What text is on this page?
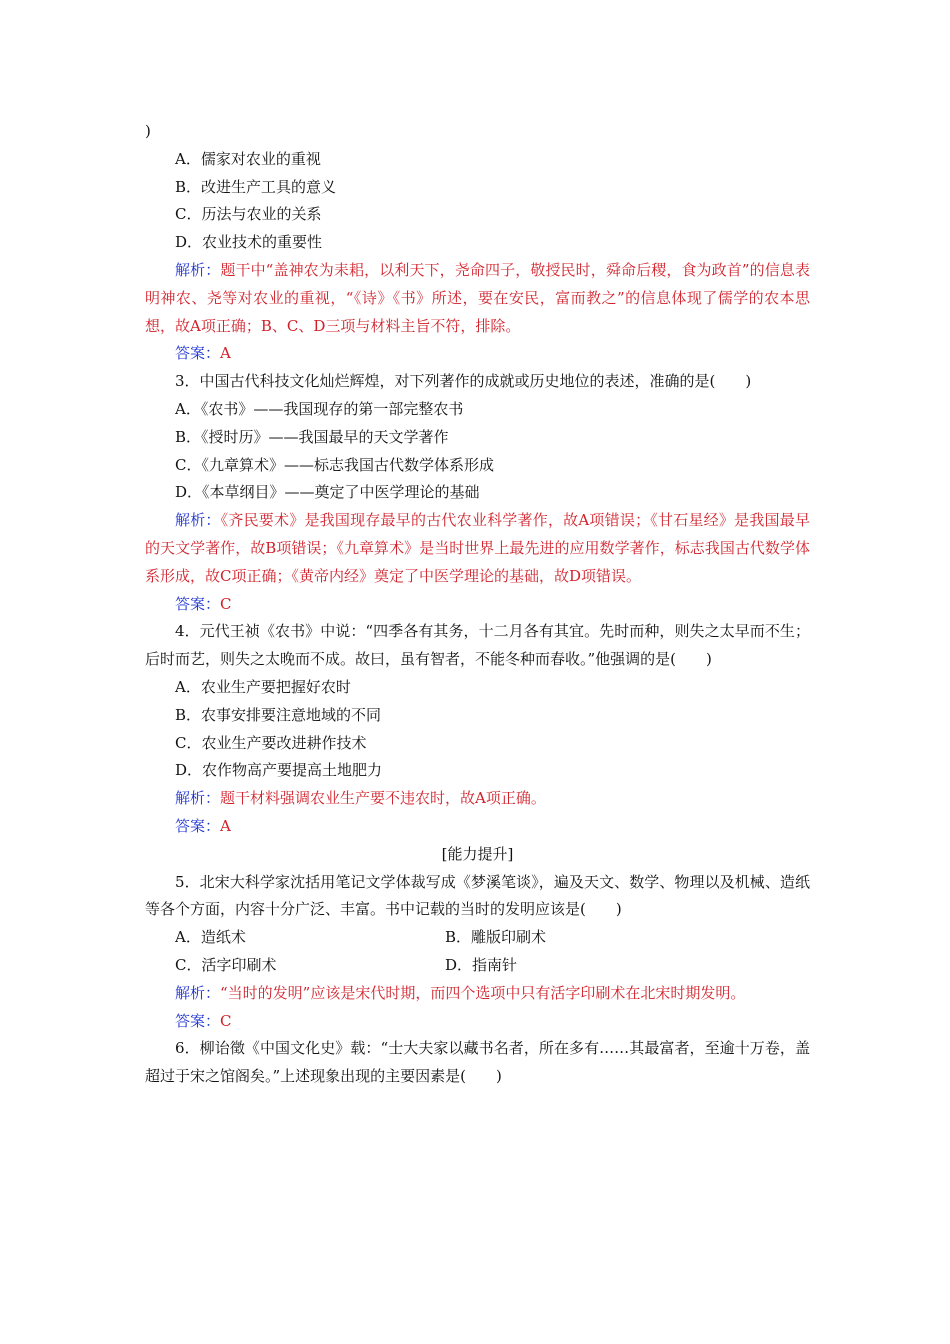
)
A．儒家对农业的重视
B．改进生产工具的意义
C．历法与农业的关系
D．农业技术的重要性
解析：题干中“盖神农为耒耜，以利天下，尧命四子，敬授民时，舜命后稷，食为政首”的信息表明神农、尧等对农业的重视，“《诗》《书》所述，要在安民，富而教之”的信息体现了儒学的农本思想，故A项正确；B、C、D三项与材料主旨不符，排除。
答案：A
3．中国古代科技文化灿烂辉煌，对下列著作的成就或历史地位的表述，准确的是(　　)
A．《农书》——我国现存的第一部完整农书
B．《授时历》——我国最早的天文学著作
C．《九章算术》——标志我国古代数学体系形成
D．《本草纲目》——奠定了中医学理论的基础
解析：《齐民要术》是我国现存最早的古代农业科学著作，故A项错误；《甘石星经》是我国最早的天文学著作，故B项错误；《九章算术》是当时世界上最先进的应用数学著作，标志我国古代数学体系形成，故C项正确；《黄帝内经》奠定了中医学理论的基础，故D项错误。
答案：C
4．元代王祯《农书》中说：“四季各有其务，十二月各有其宜。先时而种，则失之太早而不生；后时而艺，则失之太晚而不成。故曰，虽有智者，不能冬种而春收。”他强调的是(　　)
A．农业生产要把握好农时
B．农事安排要注意地域的不同
C．农业生产要改进耕作技术
D．农作物高产要提高土地肥力
解析：题干材料强调农业生产要不违农时，故A项正确。
答案：A
[能力提升]
5．北宋大科学家沈括用笔记文学体裁写成《梦溪笔谈》，遍及天文、数学、物理以及机械、造纸等各个方面，内容十分广泛、丰富。书中记载的当时的发明应该是(　　)
A．造纸术	B．雕版印刷术
C．活字印刷术	D．指南针
解析：“当时的发明”应该是宋代时期，而四个选项中只有活字印刷术在北宋时期发明。
答案：C
6．柳诒徵《中国文化史》载：“士大夫家以藏书名者，所在多有……其最富者，至逾十万卷，盖超过于宋之馆阁矣。”上述现象出现的主要因素是(　　)
